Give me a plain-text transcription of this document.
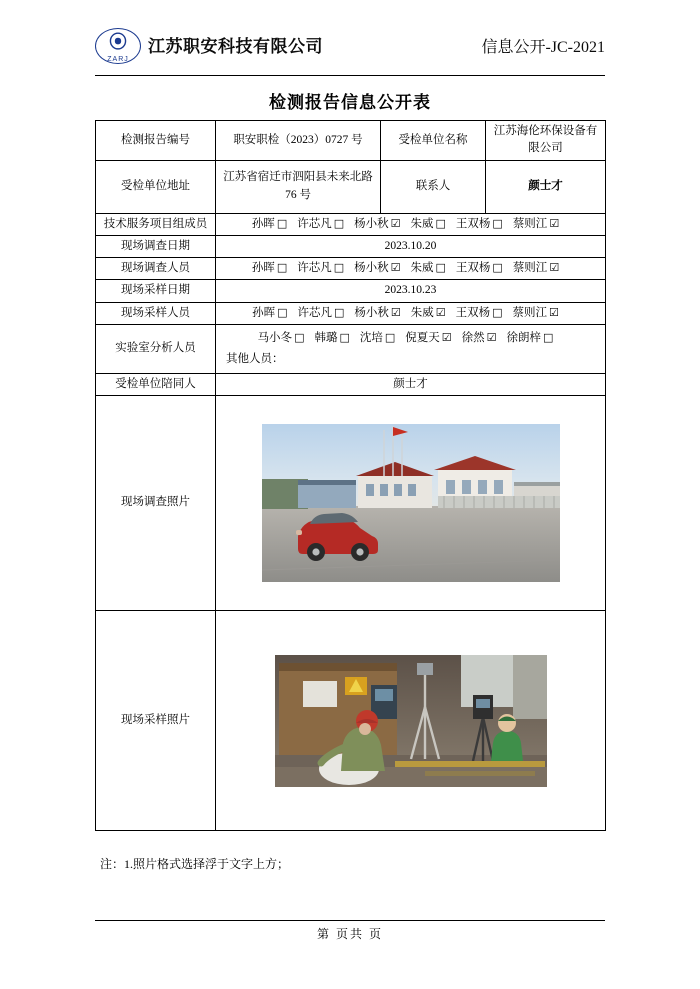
⦿
ZARJ
江苏职安科技有限公司	信息公开-JC-2021
检测报告信息公开表
检测报告编号	职安职检（2023）0727 号	受检单位名称	江苏海伦环保设备有限公司
受检单位地址	江苏省宿迁市泗阳县未来北路 76 号	联系人	颜士才
技术服务项目组成员	孙晖 □ 许芯凡 □ 杨小秋 ☑ 朱威 □ 王双杨 □ 蔡则江 ☑		
现场调查日期	2023.10.20		
现场调查人员	孙晖 □ 许芯凡 □ 杨小秋 ☑ 朱威 □ 王双杨 □ 蔡则江 ☑		
现场采样日期	2023.10.23		
现场采样人员	孙晖 □ 许芯凡 □ 杨小秋 ☑ 朱威 ☑ 王双杨 □ 蔡则江 ☑		
实验室分析人员	马小冬 □ 韩璐 □ 沈培 □ 倪夏天 ☑ 徐然 ☑ 徐朗梓 □
其他人员：		

受检单位陪同人	颜士才		
现场调查照片	

现场采样照片	
注：1.照片格式选择浮于文字上方；
第 页共 页
